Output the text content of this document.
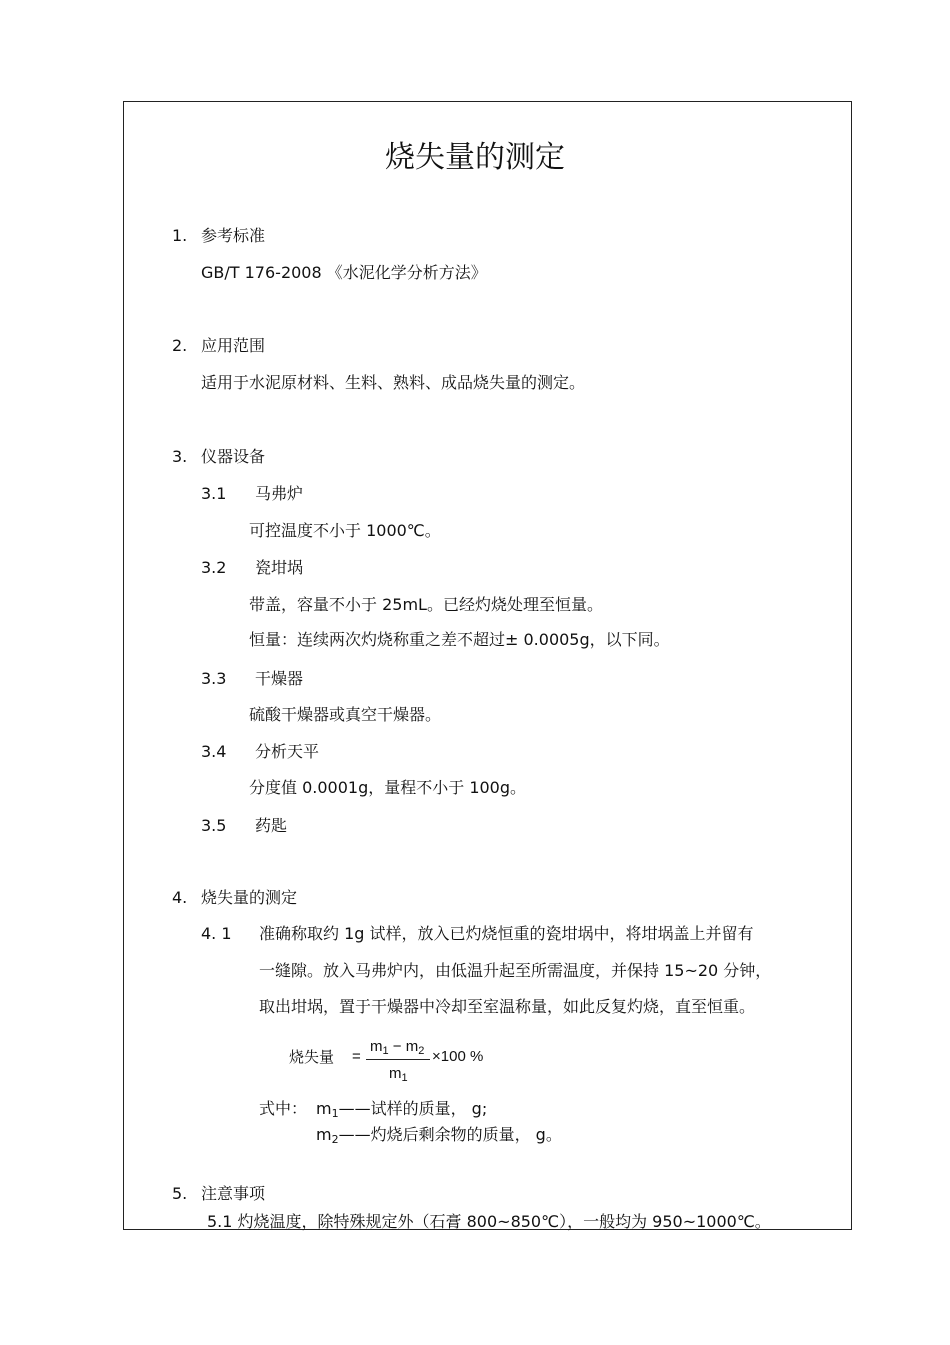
烧失量的测定
1. 参考标准
GB/T 176-2008 《水泥化学分析方法》
2. 应用范围
适用于水泥原材料、生料、熟料、成品烧失量的测定。
3. 仪器设备
3.1 马弗炉
可控温度不小于 1000℃。
3.2 瓷坩埚
带盖，容量不小于 25mL。已经灼烧处理至恒量。
恒量：连续两次灼烧称重之差不超过± 0.0005g，以下同。
3.3 干燥器
硫酸干燥器或真空干燥器。
3.4 分析天平
分度值 0.0001g，量程不小于 100g。
3.5 药匙
4. 烧失量的测定
4. 1 准确称取约 1g 试样，放入已灼烧恒重的瓷坩埚中，将坩埚盖上并留有
一缝隙。放入马弗炉内，由低温升起至所需温度，并保持 15~20 分钟，
取出坩埚，置于干燥器中冷却至室温称量，如此反复灼烧，直至恒重。
烧失量 =
$m_1 - m_2$
$m_1$
×100 %
式中： $m_1——$试样的质量， g;
$m_2——$灼烧后剩余物的质量， g。
5. 注意事项
5.1 灼烧温度，除特殊规定外（石膏 800~850℃），一般均为 950~1000℃。
